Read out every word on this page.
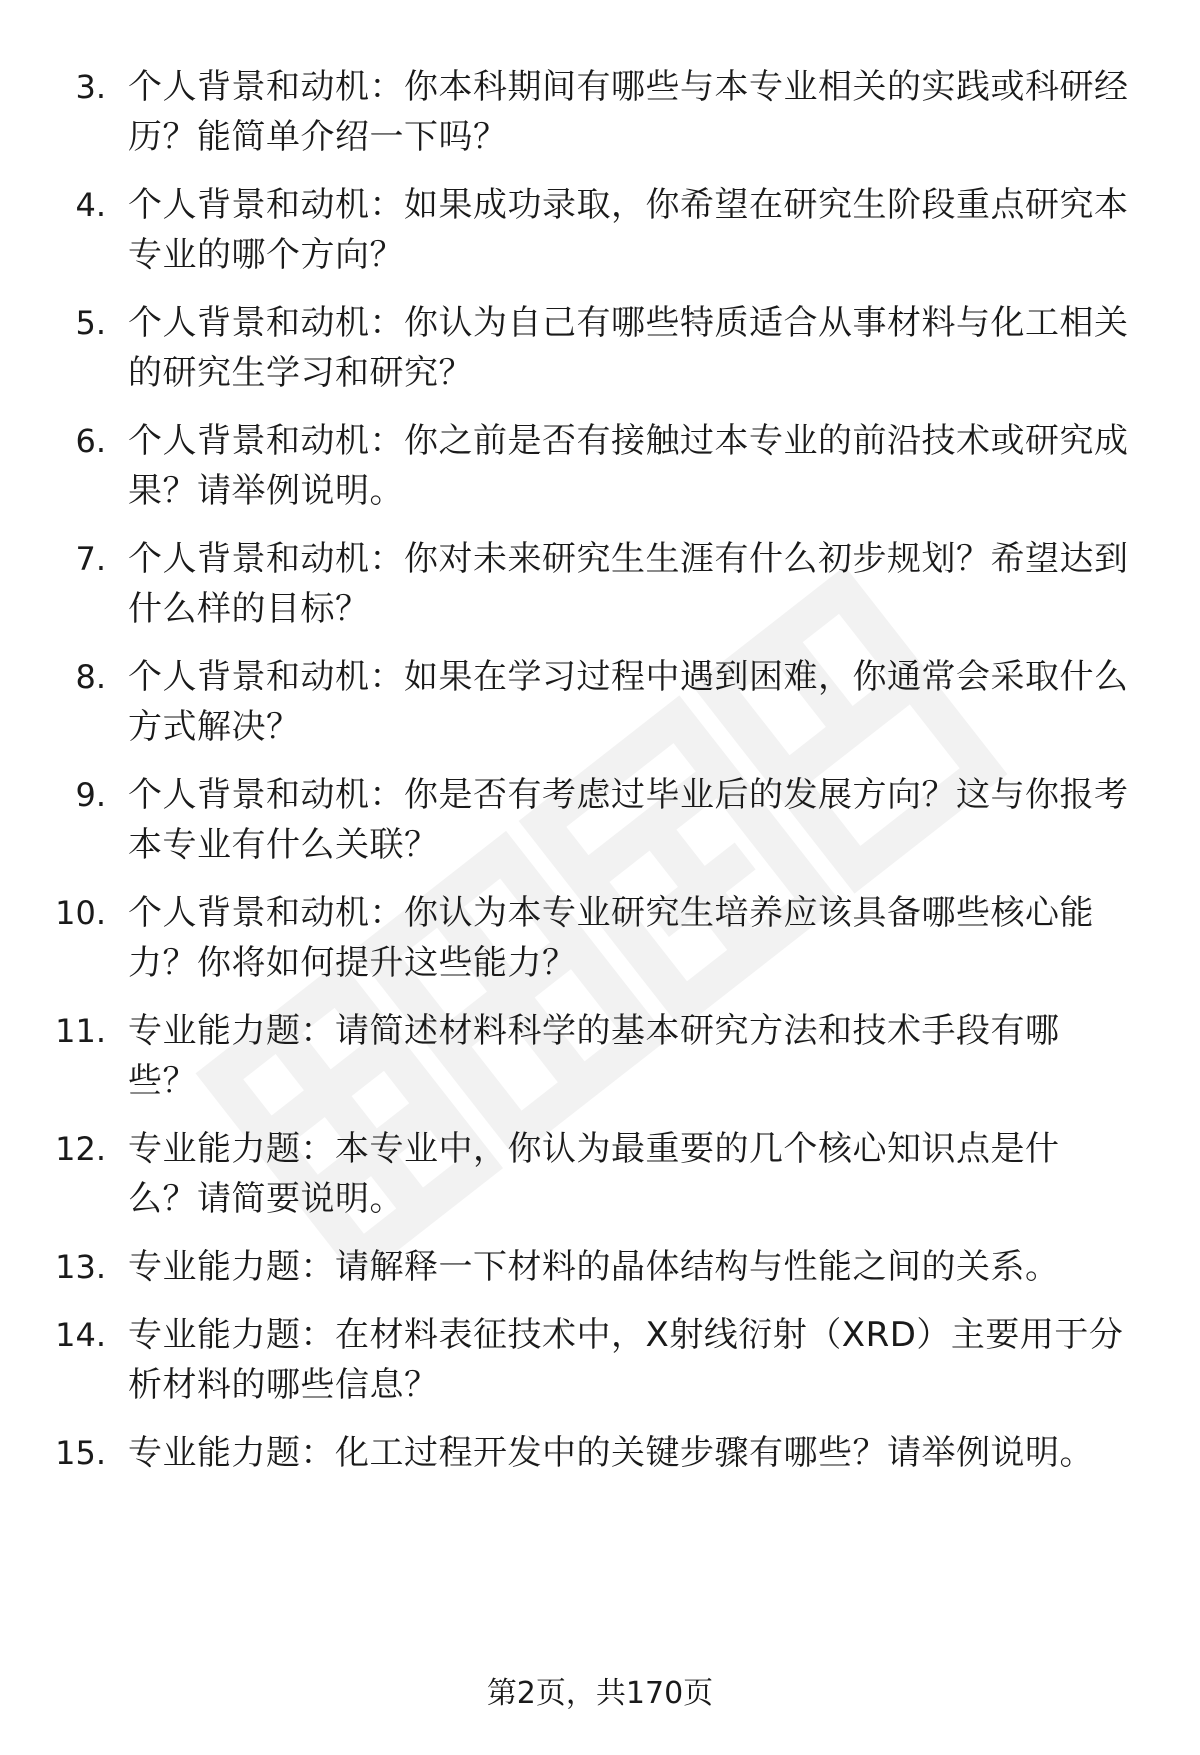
3. 个人背景和动机：你本科期间有哪些与本专业相关的实践或科研经历？能简单介绍一下吗？
4. 个人背景和动机：如果成功录取，你希望在研究生阶段重点研究本专业的哪个方向？
5. 个人背景和动机：你认为自己有哪些特质适合从事材料与化工相关的研究生学习和研究？
6. 个人背景和动机：你之前是否有接触过本专业的前沿技术或研究成果？请举例说明。
7. 个人背景和动机：你对未来研究生生涯有什么初步规划？希望达到什么样的目标？
8. 个人背景和动机：如果在学习过程中遇到困难，你通常会采取什么方式解决？
9. 个人背景和动机：你是否有考虑过毕业后的发展方向？这与你报考本专业有什么关联？
10. 个人背景和动机：你认为本专业研究生培养应该具备哪些核心能力？你将如何提升这些能力？
11. 专业能力题：请简述材料科学的基本研究方法和技术手段有哪些？
12. 专业能力题：本专业中，你认为最重要的几个核心知识点是什么？请简要说明。
13. 专业能力题：请解释一下材料的晶体结构与性能之间的关系。
14. 专业能力题：在材料表征技术中，X射线衍射（XRD）主要用于分析材料的哪些信息？
15. 专业能力题：化工过程开发中的关键步骤有哪些？请举例说明。
第2页，共170页
